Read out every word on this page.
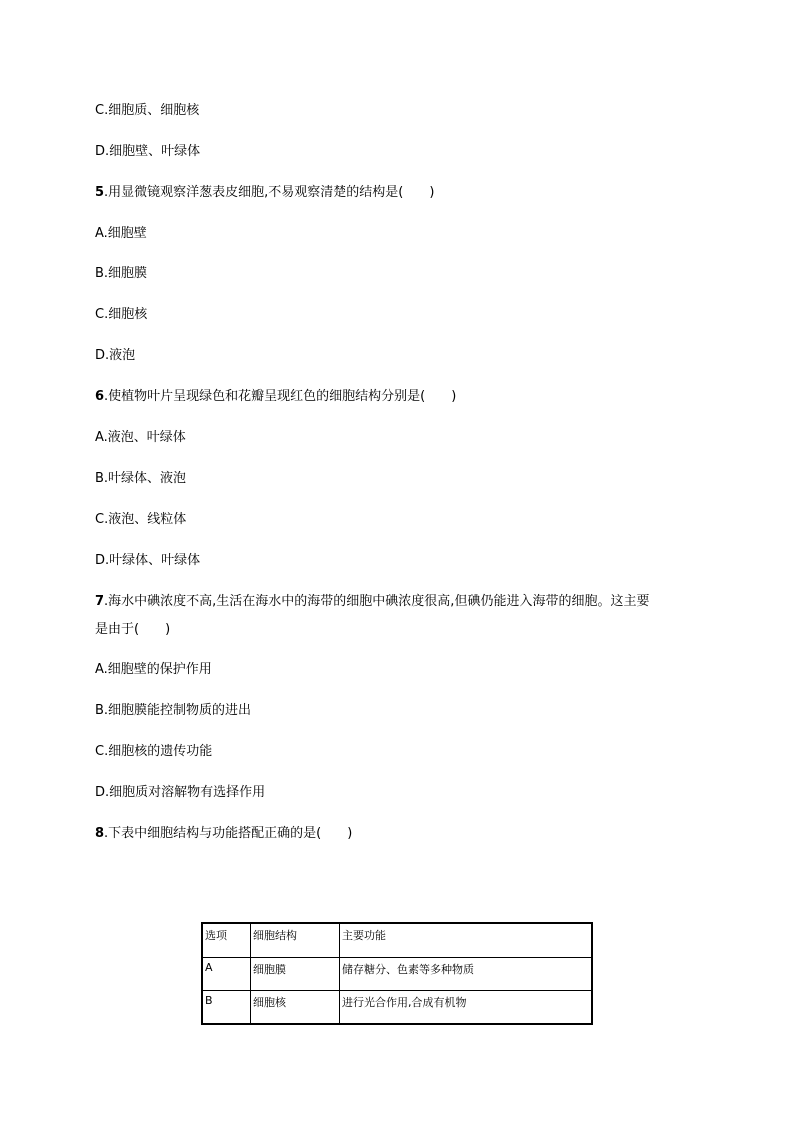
C.细胞质、细胞核
D.细胞壁、叶绿体
5.用显微镜观察洋葱表皮细胞,不易观察清楚的结构是(　　)
A.细胞壁
B.细胞膜
C.细胞核
D.液泡
6.使植物叶片呈现绿色和花瓣呈现红色的细胞结构分别是(　　)
A.液泡、叶绿体
B.叶绿体、液泡
C.液泡、线粒体
D.叶绿体、叶绿体
7.海水中碘浓度不高,生活在海水中的海带的细胞中碘浓度很高,但碘仍能进入海带的细胞。这主要
是由于(　　)
A.细胞壁的保护作用
B.细胞膜能控制物质的进出
C.细胞核的遗传功能
D.细胞质对溶解物有选择作用
8.下表中细胞结构与功能搭配正确的是(　　)
选项	细胞结构	主要功能
A	细胞膜	储存糖分、色素等多种物质
B	细胞核	进行光合作用,合成有机物
